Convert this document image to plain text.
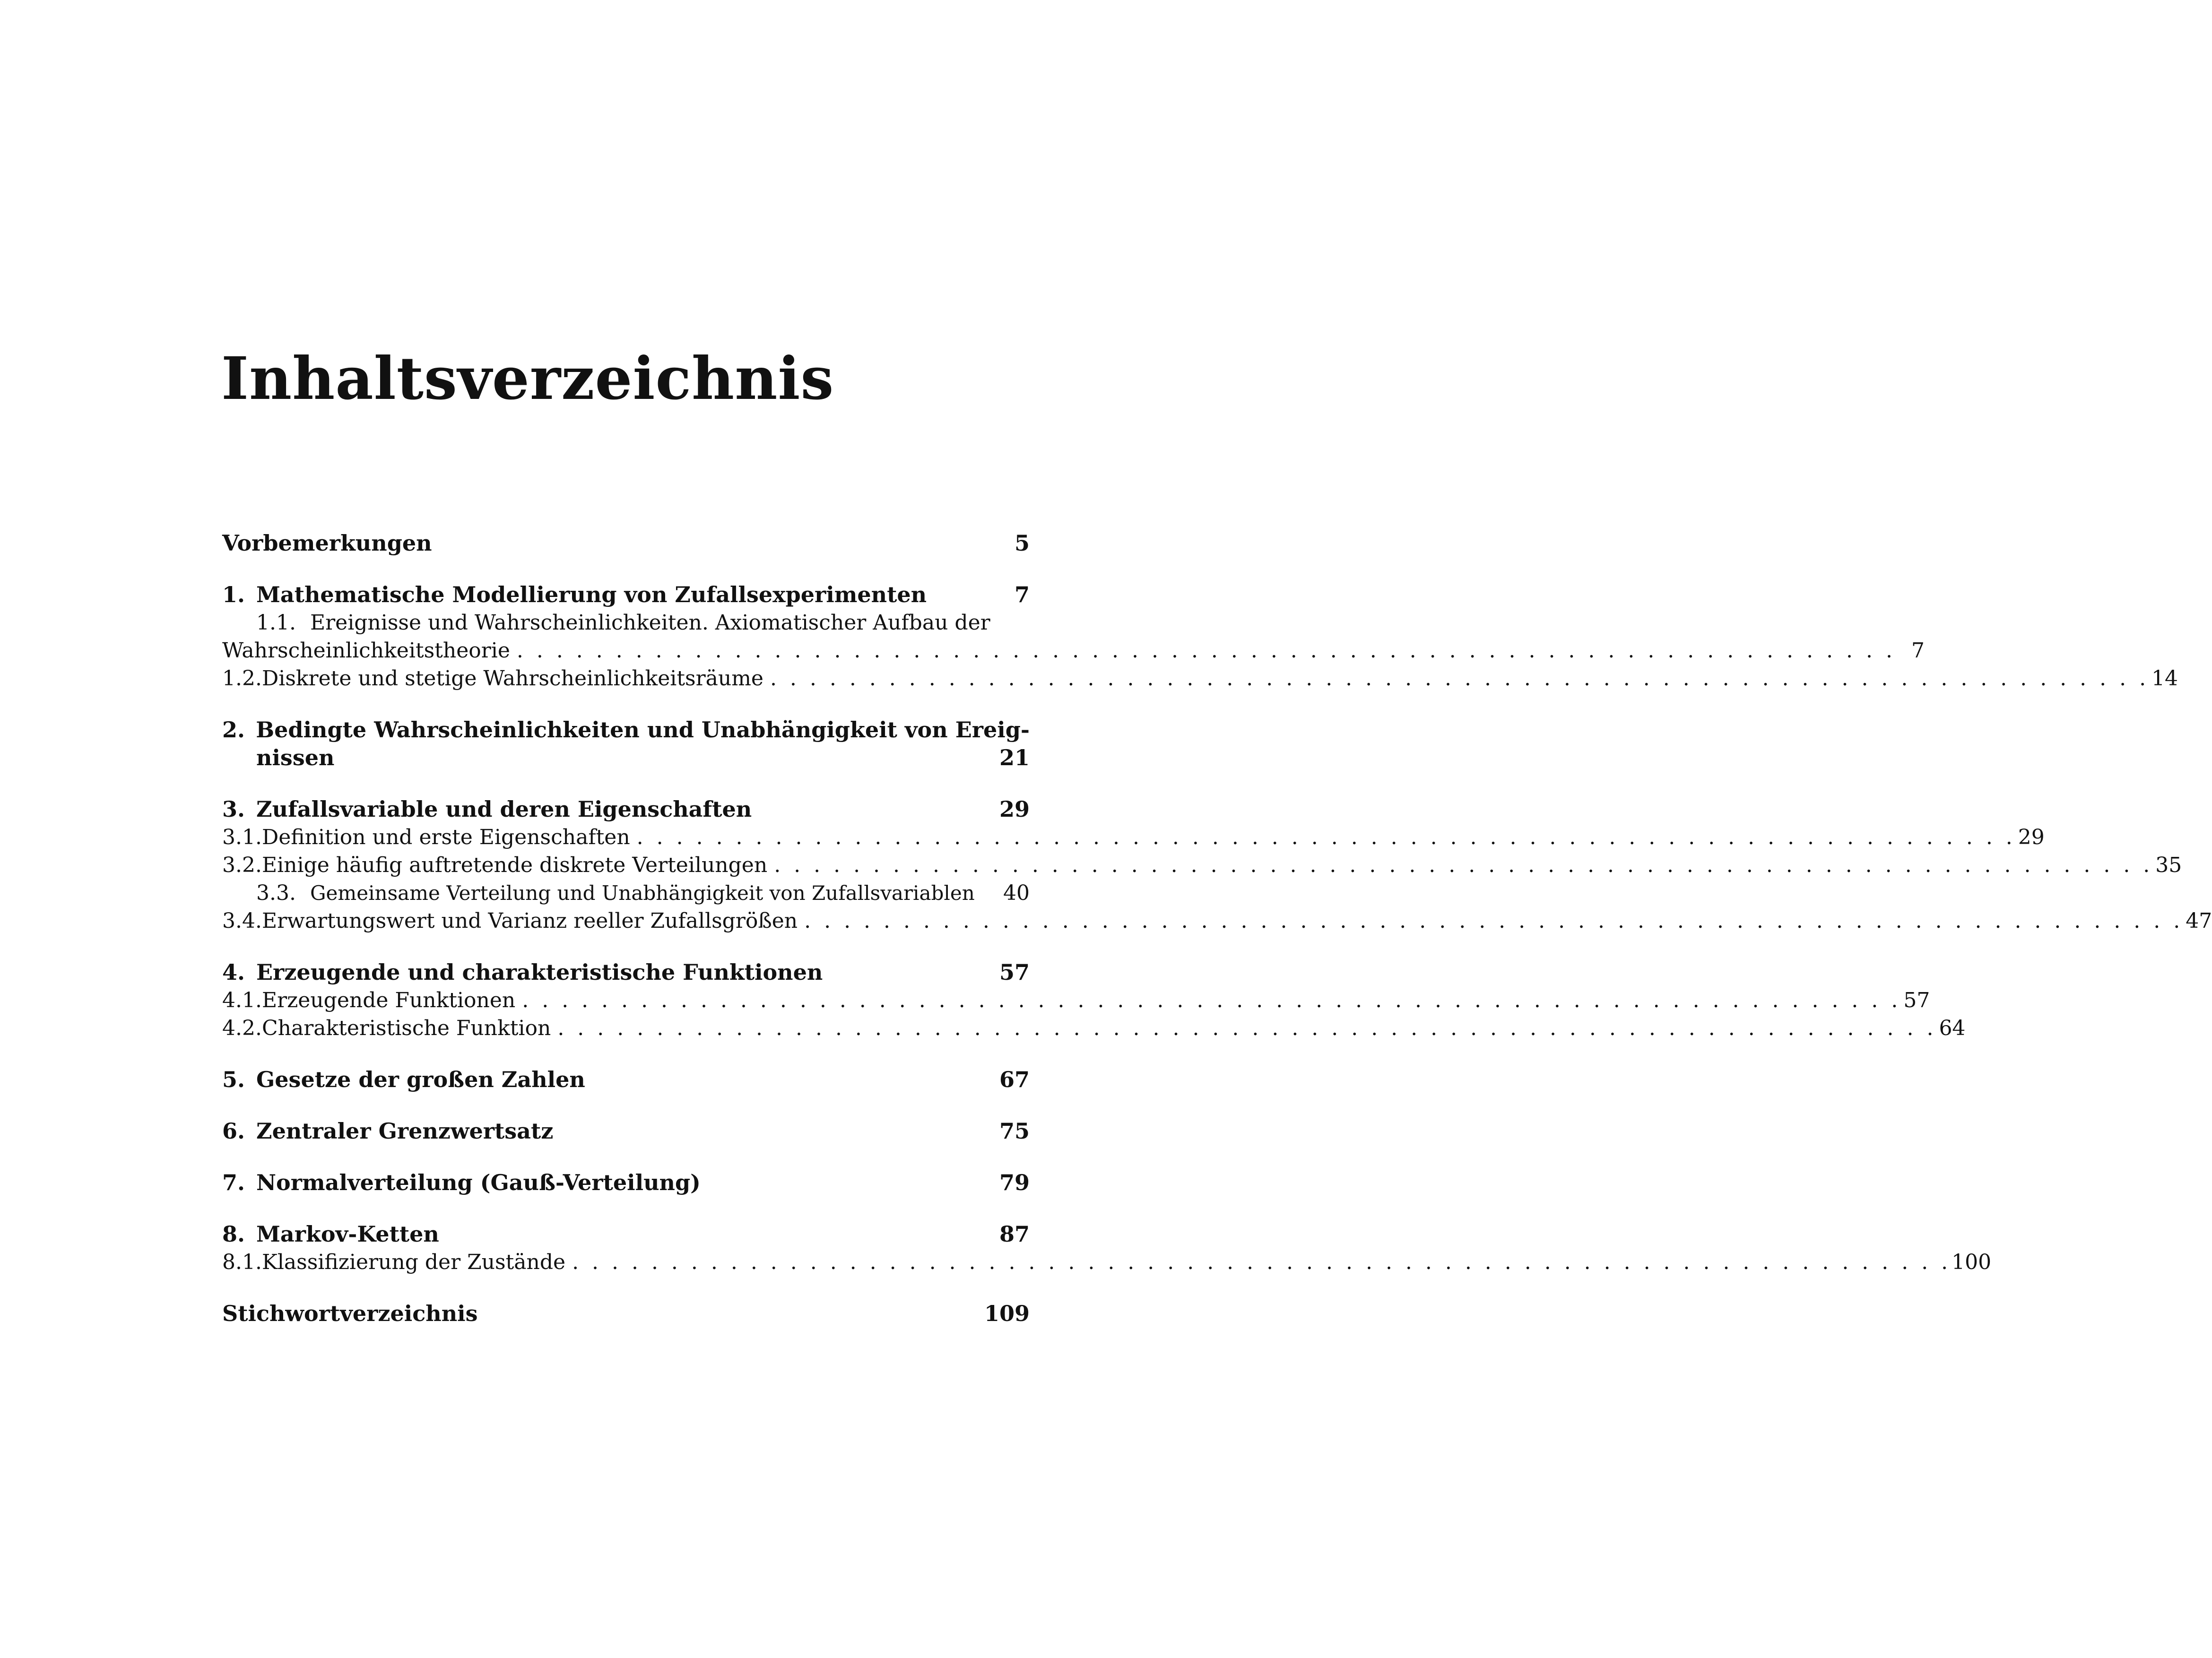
Inhaltsverzeichnis
Vorbemerkungen	5
1. Mathematische Modellierung von Zufallsexperimenten	7
1.1. Ereignisse und Wahrscheinlichkeiten. Axiomatischer Aufbau der
Wahrscheinlichkeitstheorie . . .	7
1.2. Diskrete und stetige Wahrscheinlichkeitsräume . . .	14
2. Bedingte Wahrscheinlichkeiten und Unabhängigkeit von Ereig-
nissen	21
3. Zufallsvariable und deren Eigenschaften	29
3.1. Definition und erste Eigenschaften . . .	29
3.2. Einige häufig auftretende diskrete Verteilungen . . .	35
3.3. Gemeinsame Verteilung und Unabhängigkeit von Zufallsvariablen 40
3.4. Erwartungswert und Varianz reeller Zufallsgrößen . . .	47
4. Erzeugende und charakteristische Funktionen	57
4.1. Erzeugende Funktionen . . .	57
4.2. Charakteristische Funktion . . .	64
5. Gesetze der großen Zahlen	67
6. Zentraler Grenzwertsatz	75
7. Normalverteilung (Gauß-Verteilung)	79
8. Markov-Ketten	87
8.1. Klassifizierung der Zustände . . .	100
Stichwortverzeichnis	109
